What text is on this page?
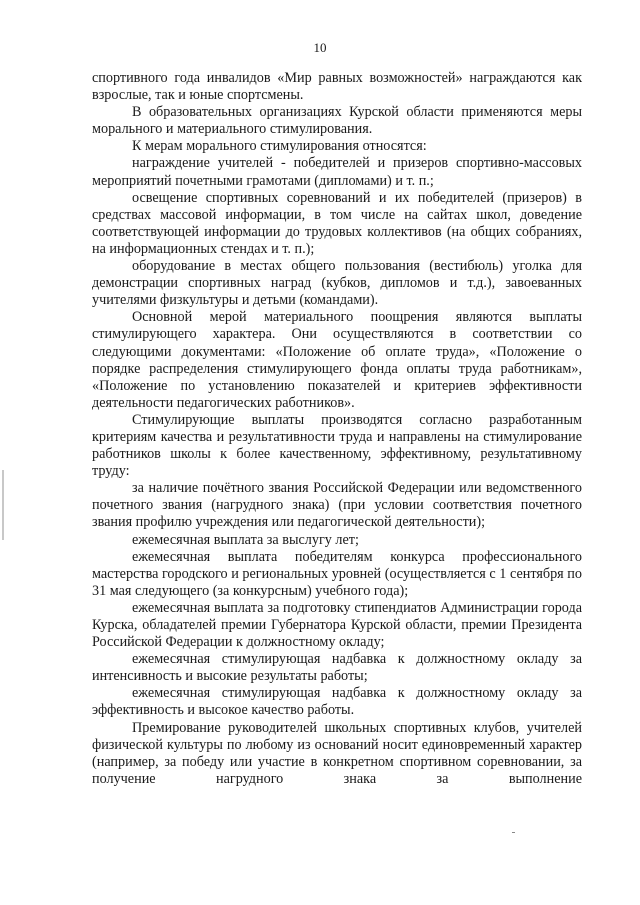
10

спортивного года инвалидов «Мир равных возможностей» награждаются как взрослые, так и юные спортсмены.

В образовательных организациях Курской области применяются меры морального и материального стимулирования.

К мерам морального стимулирования относятся:

награждение учителей - победителей и призеров спортивно-массовых мероприятий почетными грамотами (дипломами) и т. п.;

освещение спортивных соревнований и их победителей (призеров) в средствах массовой информации, в том числе на сайтах школ, доведение соответствующей информации до трудовых коллективов (на общих собраниях, на информационных стендах и т. п.);

оборудование в местах общего пользования (вестибюль) уголка для демонстрации спортивных наград (кубков, дипломов и т.д.), завоеванных учителями физкультуры и детьми (командами).

Основной мерой материального поощрения являются выплаты стимулирующего характера. Они осуществляются в соответствии со следующими документами: «Положение об оплате труда», «Положение о порядке распределения стимулирующего фонда оплаты труда работникам», «Положение по установлению показателей и критериев эффективности деятельности педагогических работников».

Стимулирующие выплаты производятся согласно разработанным критериям качества и результативности труда и направлены на стимулирование работников школы к более качественному, эффективному, результативному труду:

за наличие почётного звания Российской Федерации или ведомственного почетного звания (нагрудного знака) (при условии соответствия почетного звания профилю учреждения или педагогической деятельности);

ежемесячная выплата за выслугу лет;

ежемесячная выплата победителям конкурса профессионального мастерства городского и региональных уровней (осуществляется с 1 сентября по 31 мая следующего (за конкурсным) учебного года);

ежемесячная выплата за подготовку стипендиатов Администрации города Курска, обладателей премии Губернатора Курской области, премии Президента Российской Федерации к должностному окладу;

ежемесячная стимулирующая надбавка к должностному окладу за интенсивность и высокие результаты работы;

ежемесячная стимулирующая надбавка к должностному окладу за эффективность и высокое качество работы.

Премирование руководителей школьных спортивных клубов, учителей физической культуры по любому из оснований носит единовременный характер (например, за победу или участие в конкретном спортивном соревновании, за получение нагрудного знака за выполнение
